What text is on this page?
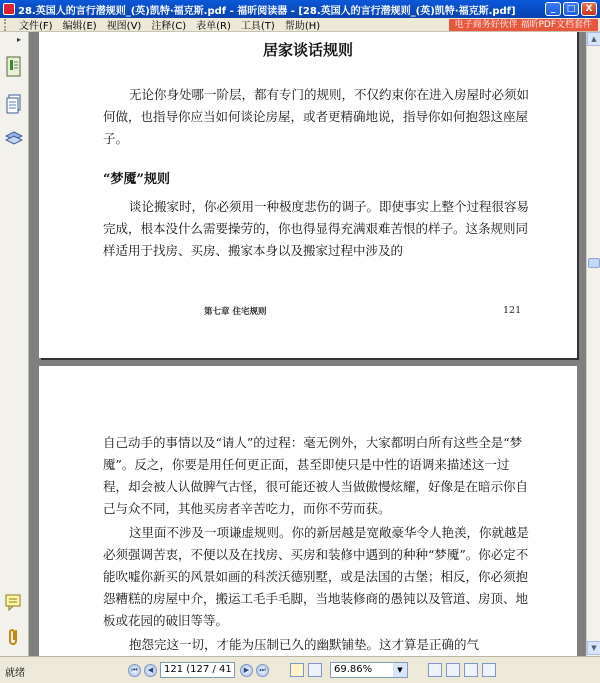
28.英国人的言行潜规则_(英)凯特·福克斯.pdf - 福昕阅读器 - [28.英国人的言行潜规则_(英)凯特·福克斯.pdf]	_	□	X
文件(F)	编辑(E)	视图(V)	注释(C)	表单(R)	工具(T)	帮助(H)	电子商务好伙伴 福昕PDF文档套件
▸
居家谈话规则
无论你身处哪一阶层，都有专门的规则，不仅约束你在进入房屋时必须如何做，也指导你应当如何谈论房屋，或者更精确地说，指导你如何抱怨这座屋子。
“梦魇”规则
谈论搬家时，你必须用一种极度悲伤的调子。即使事实上整个过程很容易完成，根本没什么需要操劳的，你也得显得充满艰难苦恨的样子。这条规则同样适用于找房、买房、搬家本身以及搬家过程中涉及的
第七章 住宅规则	121
自己动手的事情以及“请人”的过程：毫无例外，大家都明白所有这些全是“梦魇”。反之，你要是用任何更正面，甚至即使只是中性的语调来描述这一过程，却会被人认做脾气古怪，很可能还被人当做傲慢炫耀，好像是在暗示你自己与众不同，其他买房者辛苦吃力，而你不劳而获。
这里面不涉及一项谦虚规则。你的新居越是宽敞豪华令人艳羡，你就越是必须强调苦衷，不便以及在找房、买房和装修中遇到的种种“梦魇”。你必定不能吹嘘你新买的风景如画的科茨沃德别墅，或是法国的古堡；相反，你必须抱怨糟糕的房屋中介，搬运工毛手毛脚，当地装修商的愚钝以及管道、房顶、地板或花园的破旧等等。
抱怨完这一切，才能为压制已久的幽默铺垫。这才算是正确的气
▲
▼
就绪	⏮	◀	121 (127 / 41	▶	⏭	69.86%	▼
